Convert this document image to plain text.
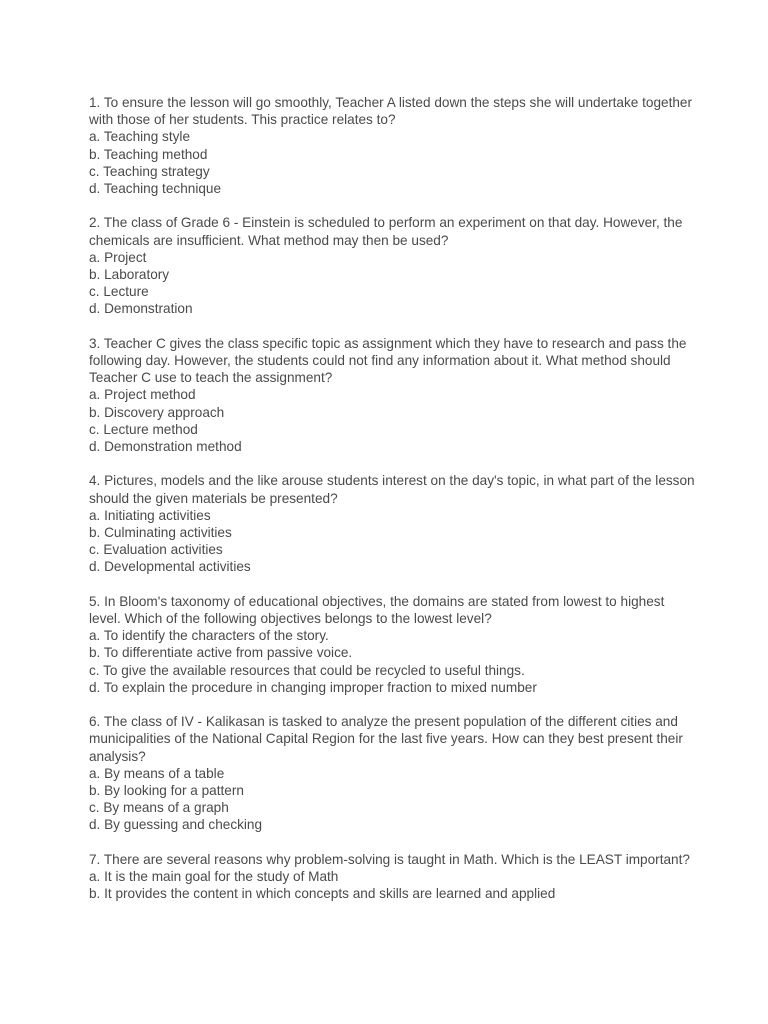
1. To ensure the lesson will go smoothly, Teacher A listed down the steps she will undertake together with those of her students. This practice relates to?

a. Teaching style

b. Teaching method

c. Teaching strategy

d. Teaching technique

2. The class of Grade 6 - Einstein is scheduled to perform an experiment on that day. However, the chemicals are insufficient. What method may then be used?

a. Project

b. Laboratory

c. Lecture

d. Demonstration

3. Teacher C gives the class specific topic as assignment which they have to research and pass the following day. However, the students could not find any information about it. What method should Teacher C use to teach the assignment?

a. Project method

b. Discovery approach

c. Lecture method

d. Demonstration method

4. Pictures, models and the like arouse students interest on the day's topic, in what part of the lesson should the given materials be presented?

a. Initiating activities

b. Culminating activities

c. Evaluation activities

d. Developmental activities

5. In Bloom's taxonomy of educational objectives, the domains are stated from lowest to highest level. Which of the following objectives belongs to the lowest level?

a. To identify the characters of the story.

b. To differentiate active from passive voice.

c. To give the available resources that could be recycled to useful things.

d. To explain the procedure in changing improper fraction to mixed number

6. The class of IV - Kalikasan is tasked to analyze the present population of the different cities and municipalities of the National Capital Region for the last five years. How can they best present their analysis?

a. By means of a table

b. By looking for a pattern

c. By means of a graph

d. By guessing and checking

7. There are several reasons why problem-solving is taught in Math. Which is the LEAST important?

a. It is the main goal for the study of Math

b. It provides the content in which concepts and skills are learned and applied
